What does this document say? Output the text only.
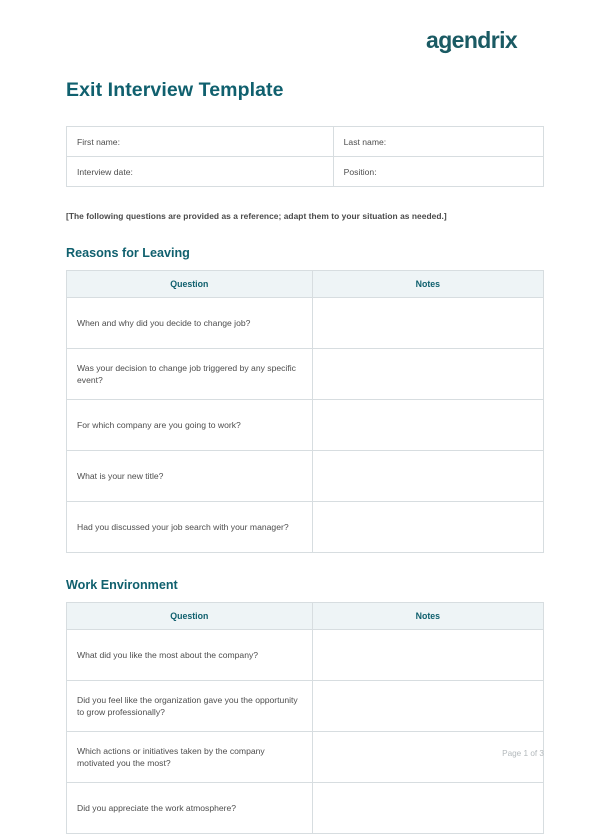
agendrix
Exit Interview Template
First name:	Last name:
Interview date:	Position:

[The following questions are provided as a reference; adapt them to your situation as needed.]

Reasons for Leaving
Question	Notes
When and why did you decide to change job?	
Was your decision to change job triggered by any specific event?	
For which company are you going to work?	
What is your new title?	
Had you discussed your job search with your manager?	
Work Environment
Question	Notes
What did you like the most about the company?	
Did you feel like the organization gave you the opportunity to grow professionally?	
Which actions or initiatives taken by the company motivated you the most?	
Did you appreciate the work atmosphere?	
Page 1 of 3
